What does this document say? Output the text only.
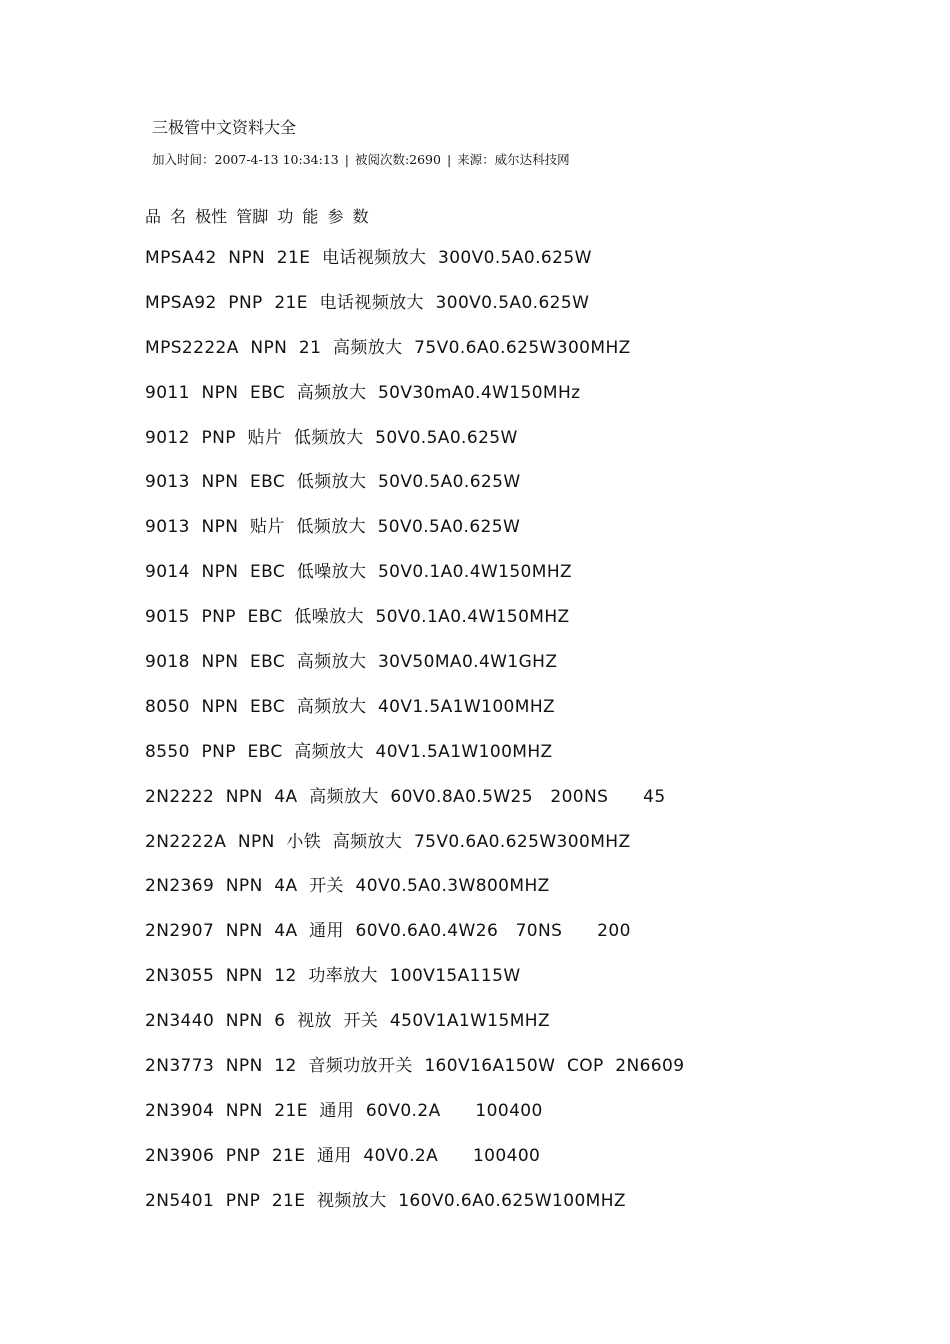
三极管中文资料大全
加入时间：2007-4-13 10:34:13 | 被阅次数:2690 | 来源：威尔达科技网
品 名 极性 管脚 功 能 参 数
MPSA42  NPN  21E  电话视频放大  300V0.5A0.625W
MPSA92  PNP  21E  电话视频放大  300V0.5A0.625W
MPS2222A  NPN  21  高频放大  75V0.6A0.625W300MHZ
9011  NPN  EBC  高频放大  50V30mA0.4W150MHz
9012  PNP  贴片  低频放大  50V0.5A0.625W
9013  NPN  EBC  低频放大  50V0.5A0.625W
9013  NPN  贴片  低频放大  50V0.5A0.625W
9014  NPN  EBC  低噪放大  50V0.1A0.4W150MHZ
9015  PNP  EBC  低噪放大  50V0.1A0.4W150MHZ
9018  NPN  EBC  高频放大  30V50MA0.4W1GHZ
8050  NPN  EBC  高频放大  40V1.5A1W100MHZ
8550  PNP  EBC  高频放大  40V1.5A1W100MHZ
2N2222  NPN  4A  高频放大  60V0.8A0.5W25   200NS      45
2N2222A  NPN  小铁  高频放大  75V0.6A0.625W300MHZ
2N2369  NPN  4A  开关  40V0.5A0.3W800MHZ
2N2907  NPN  4A  通用  60V0.6A0.4W26   70NS      200
2N3055  NPN  12  功率放大  100V15A115W
2N3440  NPN  6  视放  开关  450V1A1W15MHZ
2N3773  NPN  12  音频功放开关  160V16A150W  COP  2N6609
2N3904  NPN  21E  通用  60V0.2A      100400
2N3906  PNP  21E  通用  40V0.2A      100400
2N5401  PNP  21E  视频放大  160V0.6A0.625W100MHZ
